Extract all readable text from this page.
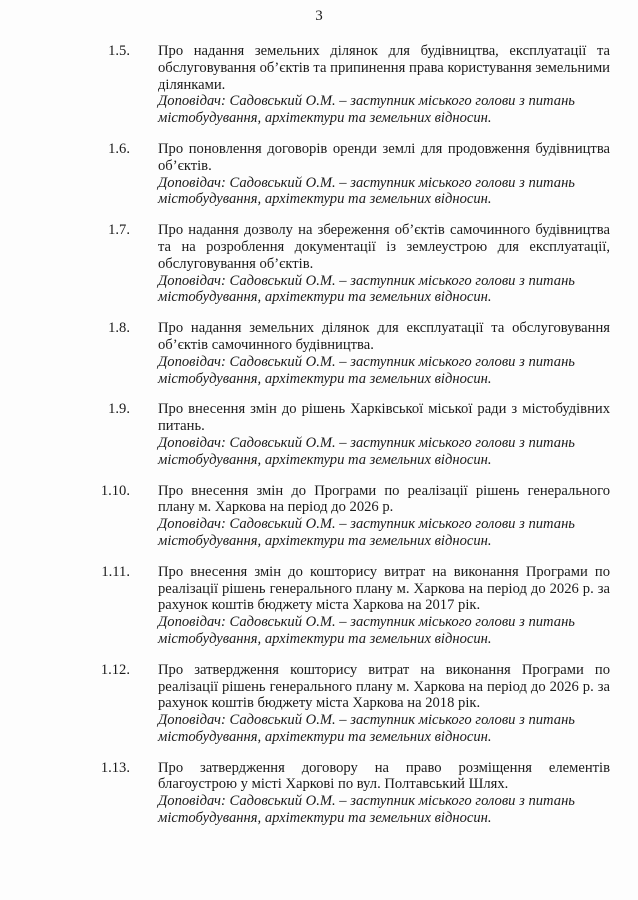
3
1.5. Про надання земельних ділянок для будівництва, експлуатації та обслуговування об’єктів та припинення права користування земельними ділянками.

Доповідач: Садовський О.М. – заступник міського голови з питань

містобудування, архітектури та земельних відносин.

1.6. Про поновлення договорів оренди землі для продовження будівництва об’єктів.

Доповідач: Садовський О.М. – заступник міського голови з питань

містобудування, архітектури та земельних відносин.

1.7. Про надання дозволу на збереження об’єктів самочинного будівництва та на розроблення документації із землеустрою для експлуатації, обслуговування об’єктів.

Доповідач: Садовський О.М. – заступник міського голови з питань

містобудування, архітектури та земельних відносин.

1.8. Про надання земельних ділянок для експлуатації та обслуговування об’єктів самочинного будівництва.

Доповідач: Садовський О.М. – заступник міського голови з питань

містобудування, архітектури та земельних відносин.

1.9. Про внесення змін до рішень Харківської міської ради з містобудівних питань.

Доповідач: Садовський О.М. – заступник міського голови з питань

містобудування, архітектури та земельних відносин.

1.10. Про внесення змін до Програми по реалізації рішень генерального плану м. Харкова на період до 2026 р.

Доповідач: Садовський О.М. – заступник міського голови з питань

містобудування, архітектури та земельних відносин.

1.11. Про внесення змін до кошторису витрат на виконання Програми по реалізації рішень генерального плану м. Харкова на період до 2026 р. за рахунок коштів бюджету міста Харкова на 2017 рік.

Доповідач: Садовський О.М. – заступник міського голови з питань

містобудування, архітектури та земельних відносин.

1.12. Про затвердження кошторису витрат на виконання Програми по реалізації рішень генерального плану м. Харкова на період до 2026 р. за рахунок коштів бюджету міста Харкова на 2018 рік.

Доповідач: Садовський О.М. – заступник міського голови з питань

містобудування, архітектури та земельних відносин.

1.13. Про затвердження договору на право розміщення елементів благоустрою у місті Харкові по вул. Полтавський Шлях.

Доповідач: Садовський О.М. – заступник міського голови з питань

містобудування, архітектури та земельних відносин.
